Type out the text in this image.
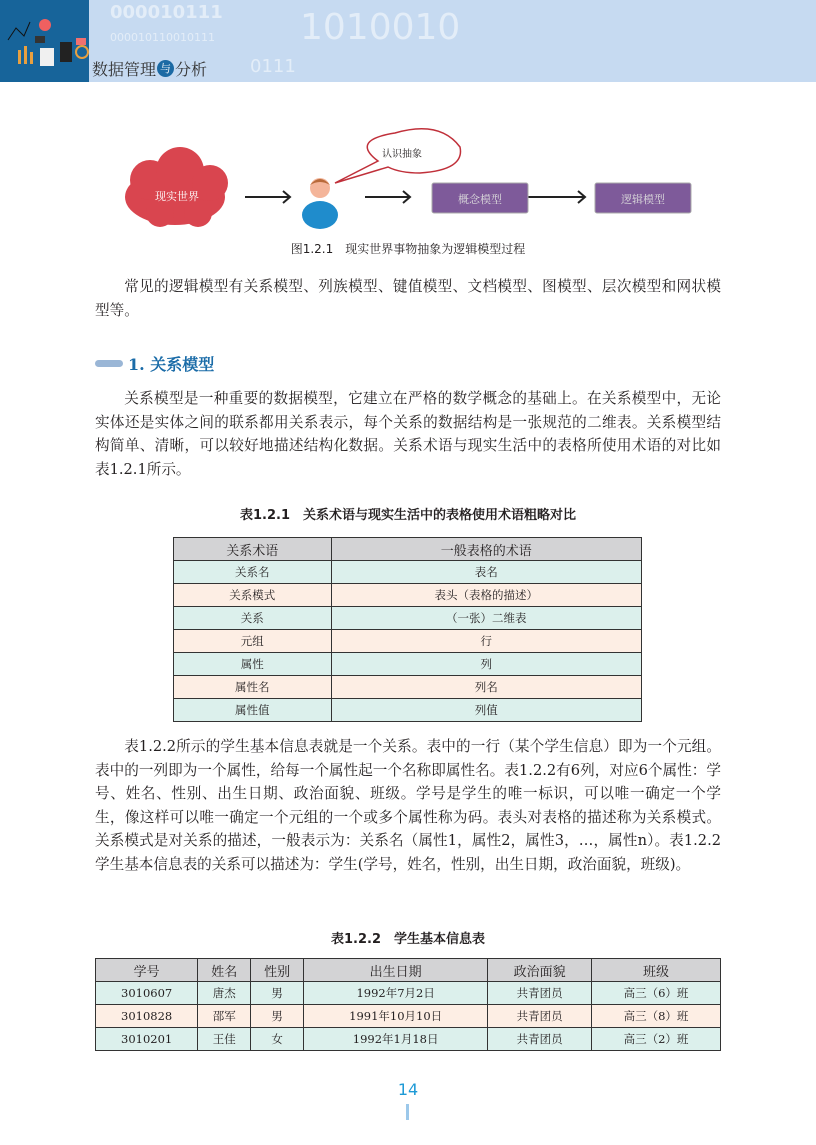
000010111
000010110010111 1010010
0111
数据管理 与 分析
现实世界
认识抽象
概念模型	逻辑模型
图1.2.1　现实世界事物抽象为逻辑模型过程
常见的逻辑模型有关系模型、列族模型、键值模型、文档模型、图模型、层次模型和网状模型等。
1. 关系模型
关系模型是一种重要的数据模型，它建立在严格的数学概念的基础上。在关系模型中，无论实体还是实体之间的联系都用关系表示，每个关系的数据结构是一张规范的二维表。关系模型结构简单、清晰，可以较好地描述结构化数据。关系术语与现实生活中的表格所使用术语的对比如表1.2.1所示。
表1.2.1　关系术语与现实生活中的表格使用术语粗略对比
关系术语	一般表格的术语
关系名	表名
关系模式	表头（表格的描述）
关系	（一张）二维表
元组	行
属性	列
属性名	列名
属性值	列值
表1.2.2所示的学生基本信息表就是一个关系。表中的一行（某个学生信息）即为一个元组。表中的一列即为一个属性，给每一个属性起一个名称即属性名。表1.2.2有6列，对应6个属性：学号、姓名、性别、出生日期、政治面貌、班级。学号是学生的唯一标识，可以唯一确定一个学生，像这样可以唯一确定一个元组的一个或多个属性称为码。表头对表格的描述称为关系模式。关系模式是对关系的描述，一般表示为：关系名（属性1，属性2，属性3，…，属性n）。表1.2.2学生基本信息表的关系可以描述为：学生(学号，姓名，性别，出生日期，政治面貌，班级)。
表1.2.2　学生基本信息表
学号	姓名	性别	出生日期	政治面貌	班级
3010607	唐杰	男	1992年7月2日	共青团员	高三（6）班
3010828	邵军	男	1991年10月10日	共青团员	高三（8）班
3010201	王佳	女	1992年1月18日	共青团员	高三（2）班
14
